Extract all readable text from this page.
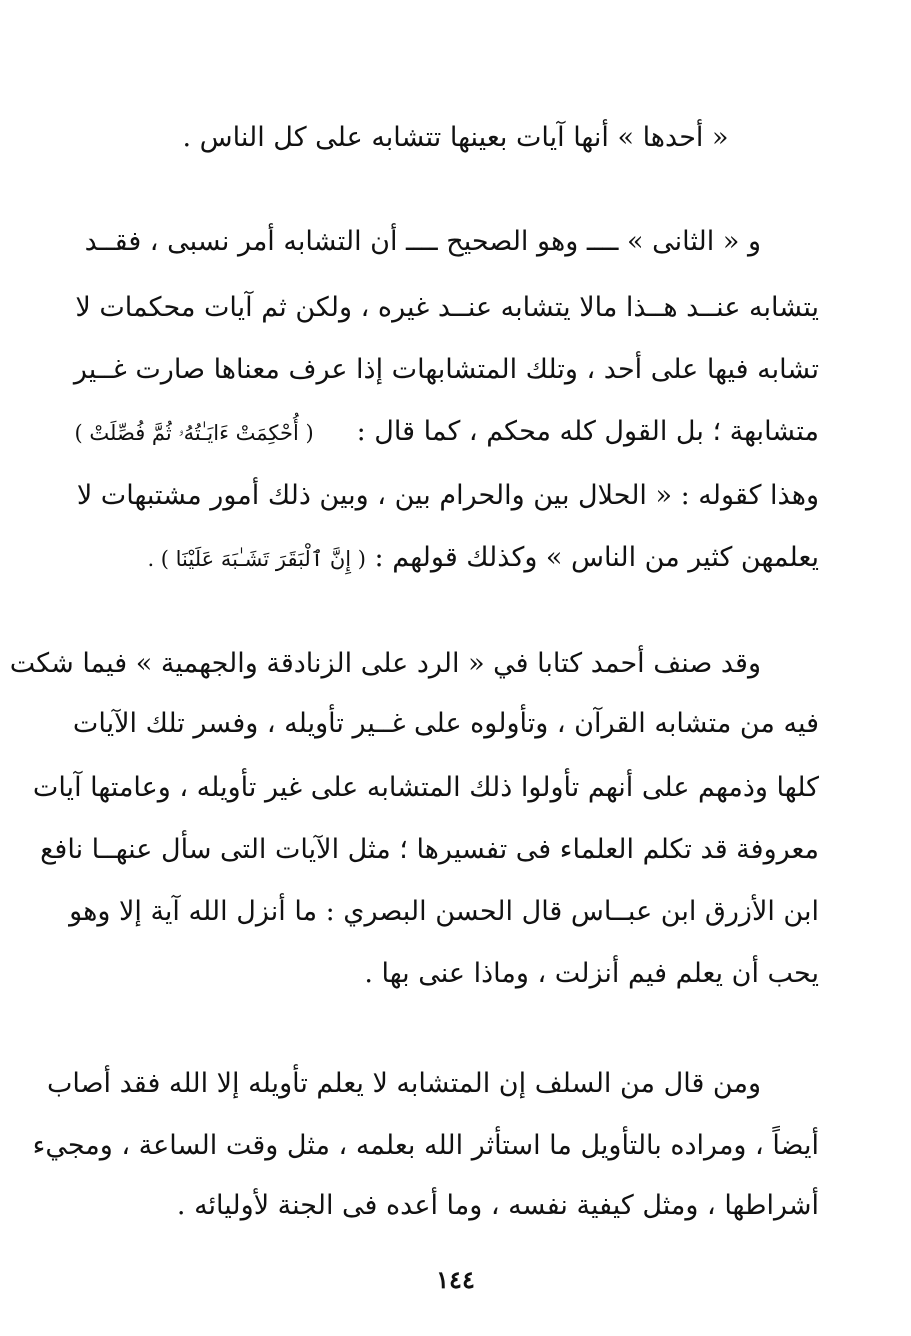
« أحدها » أنها آيات بعينها تتشابه على كل الناس .
و « الثانى » ــــ وهو الصحيح ــــ أن التشابه أمر نسبى ، فقــد
يتشابه عنــد هــذا مالا يتشابه عنــد غيره ، ولكن ثم آيات محكمات لا
تشابه فيها على أحد ، وتلك المتشابهات إذا عرف معناها صارت غــير
متشابهة ؛ بل القول كله محكم ، كما قال :     ( أُحْكِمَتْ ءَايَـٰتُهُۥ ثُمَّ فُصِّلَتْ )
وهذا كقوله : « الحلال بين والحرام بين ، وبين ذلك أمور مشتبهات لا
يعلمهن كثير من الناس » وكذلك قولهم : ( إِنَّ ٱلْبَقَرَ تَشَـٰبَهَ عَلَيْنَا ) .
وقد صنف أحمد كتابا في « الرد على الزنادقة والجهمية » فيما شكت
فيه من متشابه القرآن ، وتأولوه على غــير تأويله ، وفسر تلك الآيات
كلها وذمهم على أنهم تأولوا ذلك المتشابه على غير تأويله ، وعامتها آيات
معروفة قد تكلم العلماء فى تفسيرها ؛ مثل الآيات التى سأل عنهــا نافع
ابن الأزرق ابن عبــاس قال الحسن البصري : ما أنزل الله آية إلا وهو
يحب أن يعلم فيم أنزلت ، وماذا عنى بها .
ومن قال من السلف إن المتشابه لا يعلم تأويله إلا الله فقد أصاب
أيضاً ، ومراده بالتأويل ما استأثر الله بعلمه ، مثل وقت الساعة ، ومجيء
أشراطها ، ومثل كيفية نفسه ، وما أعده فى الجنة لأوليائه .
١٤٤
